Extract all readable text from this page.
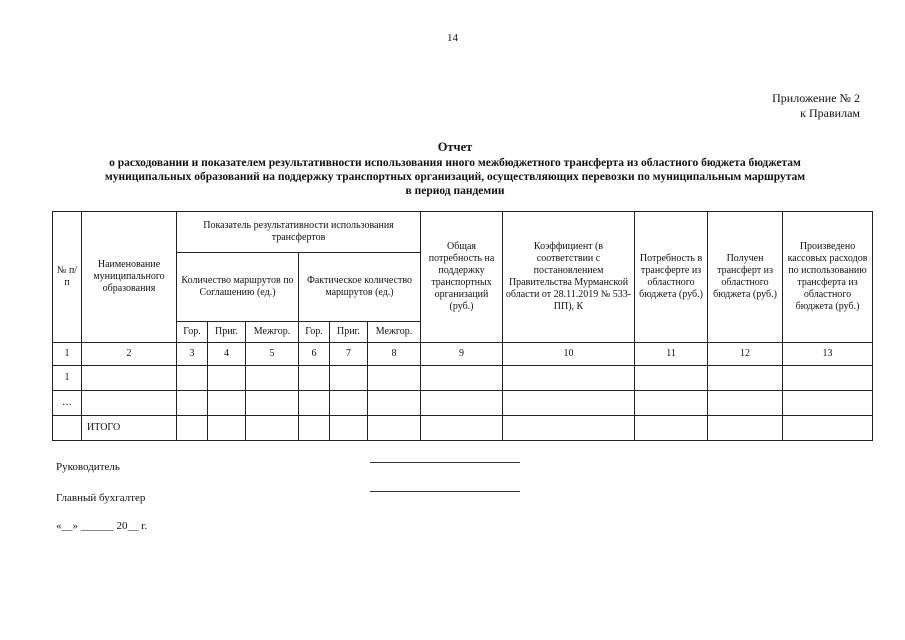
14
Приложение № 2
к Правилам
Отчет
о расходовании и показателем результативности использования иного межбюджетного трансферта из областного бюджета бюджетам
муниципальных образований на поддержку транспортных организаций, осуществляющих перевозки по муниципальным маршрутам
в период пандемии
№ п/п	Наименование муниципального образования	Показатель результативности использования трансфертов						Общая потребность на поддержку транспортных организаций (руб.)	Коэффициент (в соответствии с постановлением Правительства Мурманской области от 28.11.2019 № 533-ПП), К	Потребность в трансферте из областного бюджета (руб.)	Получен трансферт из областного бюджета (руб.)	Произведено кассовых расходов по использованию трансферта из областного бюджета (руб.)
		Количество маршрутов по Соглашению (ед.)			Фактическое количество маршрутов (ед.)							
		Гор.	Приг.	Межгор.	Гор.	Приг.	Межгор.					
1	2	3	4	5	6	7	8	9	10	11	12	13
1												
…												
	ИТОГО											
Руководитель
Главный бухгалтер
«__» ______ 20__ г.
